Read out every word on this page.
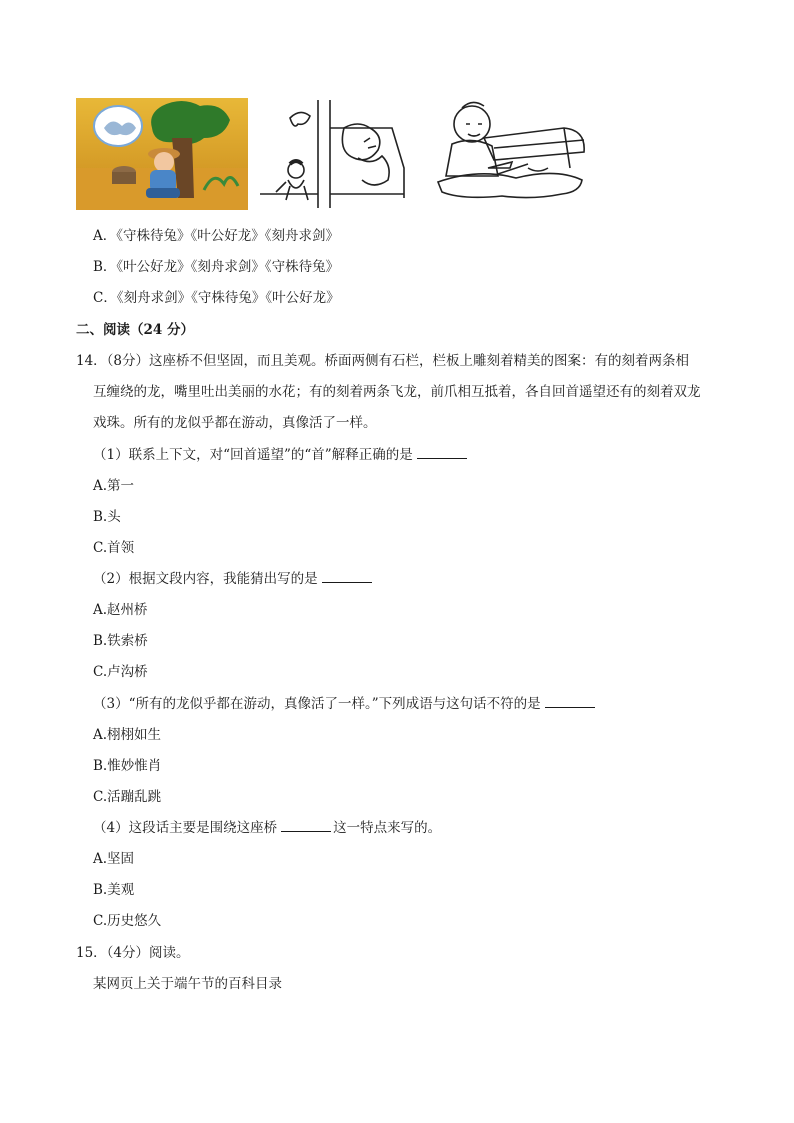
A．《守株待兔》《叶公好龙》《刻舟求剑》
B．《叶公好龙》《刻舟求剑》《守株待兔》
C．《刻舟求剑》《守株待兔》《叶公好龙》
二、阅读（24 分）
14．（8分）这座桥不但坚固，而且美观。桥面两侧有石栏，栏板上雕刻着精美的图案：有的刻着两条相
互缠绕的龙，嘴里吐出美丽的水花；有的刻着两条飞龙，前爪相互抵着，各自回首遥望还有的刻着双龙
戏珠。所有的龙似乎都在游动，真像活了一样。
（1）联系上下文，对“回首遥望”的“首”解释正确的是
A.第一
B.头
C.首领
（2）根据文段内容，我能猜出写的是
A.赵州桥
B.铁索桥
C.卢沟桥
（3）“所有的龙似乎都在游动，真像活了一样。”下列成语与这句话不符的是
A.栩栩如生
B.惟妙惟肖
C.活蹦乱跳
（4）这段话主要是围绕这座桥	这一特点来写的。
A.坚固
B.美观
C.历史悠久
15．（4分）阅读。
某网页上关于端午节的百科目录
